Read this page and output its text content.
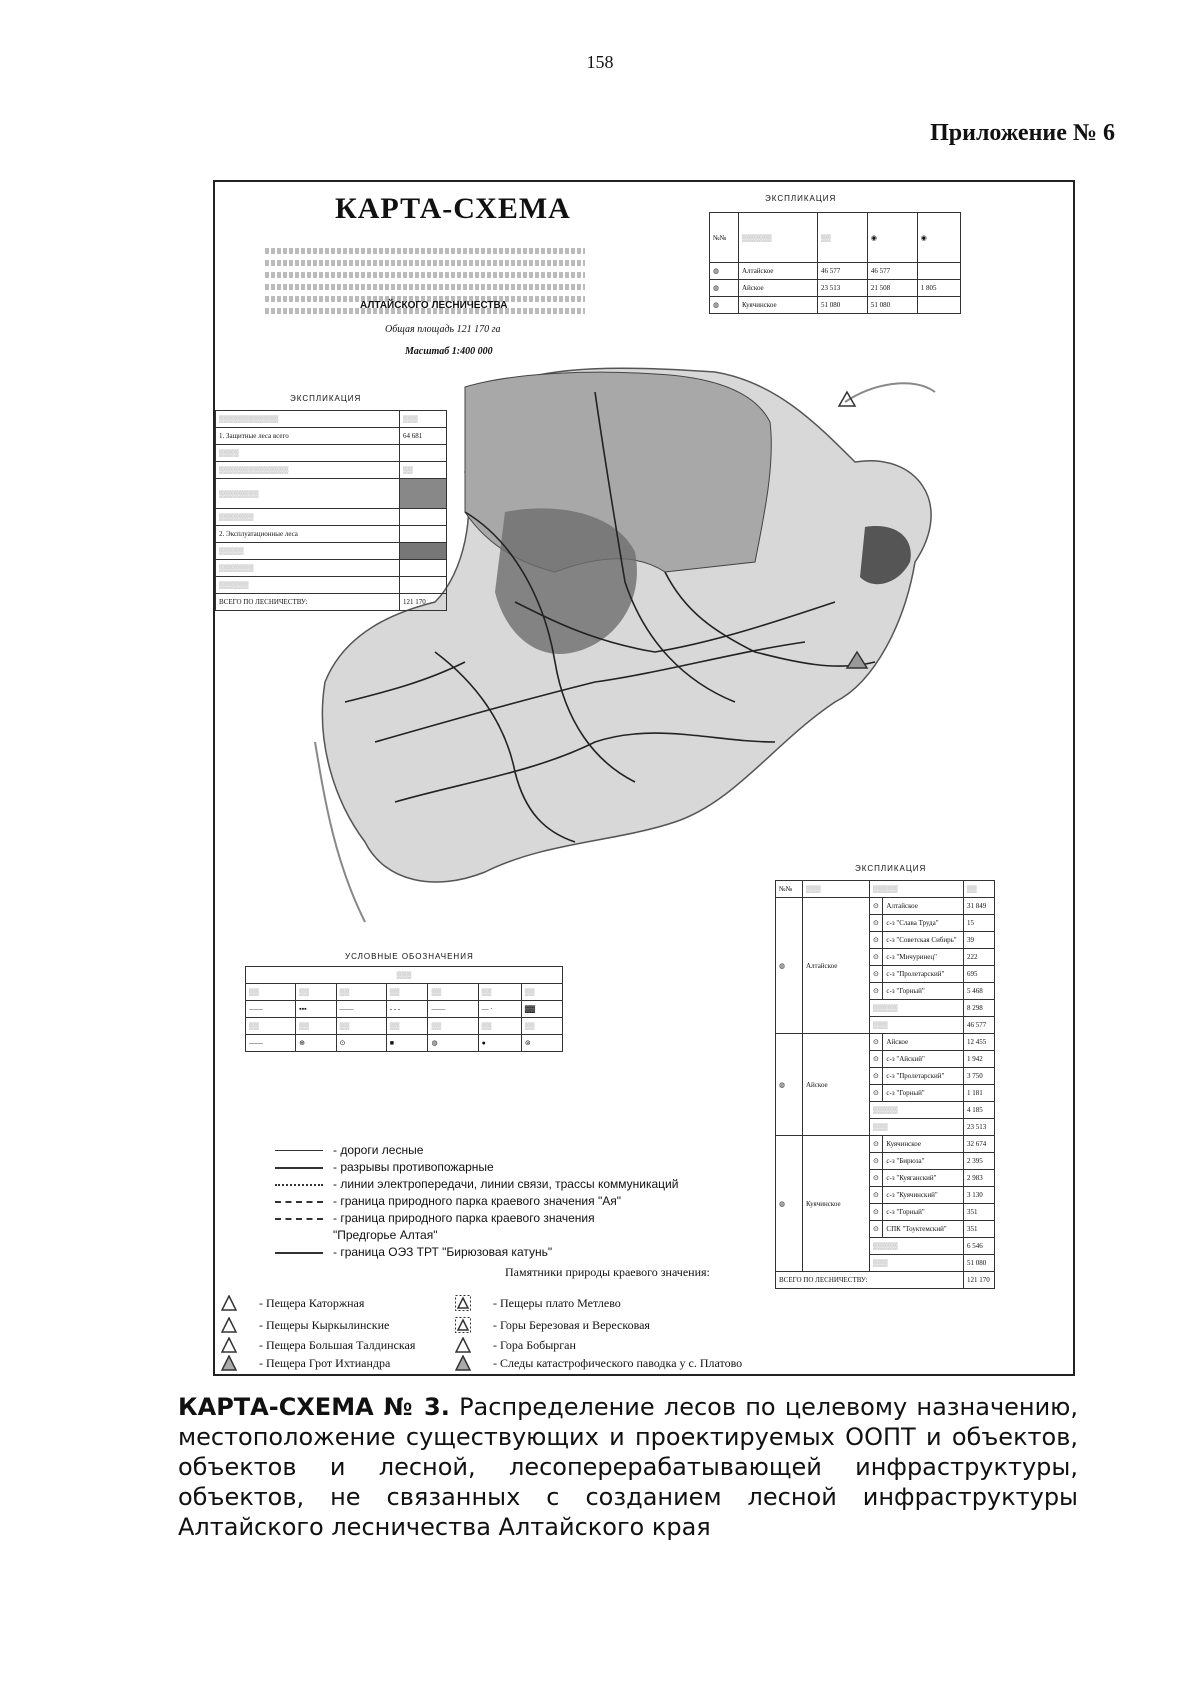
158
Приложение № 6
КАРТА-СХЕМА
АЛТАЙСКОГО ЛЕСНИЧЕСТВА
Общая площадь 121 170 га
Масштаб 1:400 000
ЭКСПЛИКАЦИЯ
№№	▒▒▒▒▒▒	▒▒	◉	◉
◍	Алтайское	46 577	46 577	
◍	Айское	23 513	21 508	1 805
◍	Куячинское	51 080	51 080	
ЭКСПЛИКАЦИЯ
▒▒▒▒▒▒▒▒▒▒▒▒	▒▒▒
1. Защитные леса всего	64 681
▒▒▒▒	
▒▒▒▒▒▒▒▒▒▒▒▒▒▒	▒▒
▒▒▒▒▒▒▒▒	
▒▒▒▒▒▒▒	
2. Эксплуатационные леса	
▒▒▒▒▒	
▒▒▒▒▒▒▒	
▒▒▒▒▒▒	
ВСЕГО ПО ЛЕСНИЧЕСТВУ:	121 170
УСЛОВНЫЕ ОБОЗНАЧЕНИЯ
▒▒▒						
▒▒	▒▒	▒▒	▒▒	▒▒	▒▒	▒▒
——	▪▪▪	——	- - -	——	— ·	▓▓
▒▒	▒▒	▒▒	▒▒	▒▒	▒▒	▒▒
——	⊕	⊙	■	◍	●	⊚
ЭКСПЛИКАЦИЯ
№№	▒▒▒	▒▒▒▒▒		▒▒
◍	Алтайское	⊙	Алтайское	31 849
		⊙	с-з "Слава Труда"	15
		⊙	с-з "Советская Сибирь"	39
		⊙	с-з "Мичуринец"	222
		⊙	с-з "Пролетарский"	695
		⊙	с-з "Горный"	5 468
		▒▒▒▒▒		8 298
		▒▒▒		46 577
◍	Айское	⊙	Айское	12 455
		⊙	с-з "Айский"	1 942
		⊙	с-з "Пролетарский"	3 750
		⊙	с-з "Горный"	1 181
		▒▒▒▒▒		4 185
		▒▒▒		23 513
◍	Куячинское	⊙	Куячинское	32 674
		⊙	с-з "Бирюза"	2 395
		⊙	с-з "Куяганский"	2 983
		⊙	с-з "Куячинский"	3 130
		⊙	с-з "Горный"	351
		⊙	СПК "Тоуктемский"	351
		▒▒▒▒▒		6 546
		▒▒▒		51 080
ВСЕГО ПО ЛЕСНИЧЕСТВУ:				121 170
- дороги лесные
- разрывы противопожарные
- линии электропередачи, линии связи, трассы коммуникаций
- граница природного парка краевого значения "Ая"
- граница природного парка краевого значения
"Предгорье Алтая"
- граница ОЭЗ ТРТ "Бирюзовая катунь"
Памятники природы краевого значения:
- Пещера Каторжная
- Пещеры Кыркылинские
- Пещера Большая Талдинская
- Пещера Грот Ихтиандра
- Пещеры плато Метлево
- Горы Березовая и Вересковая
- Гора Бобырган
- Следы катастрофического паводка у с. Платово
КАРТА-СХЕМА № 3. Распределение лесов по целевому назначению, местоположение существующих и проектируемых ООПТ и объектов, объектов и лесной, лесоперерабатывающей инфраструктуры, объектов, не связанных с созданием лесной инфраструктуры Алтайского лесничества Алтайского края
